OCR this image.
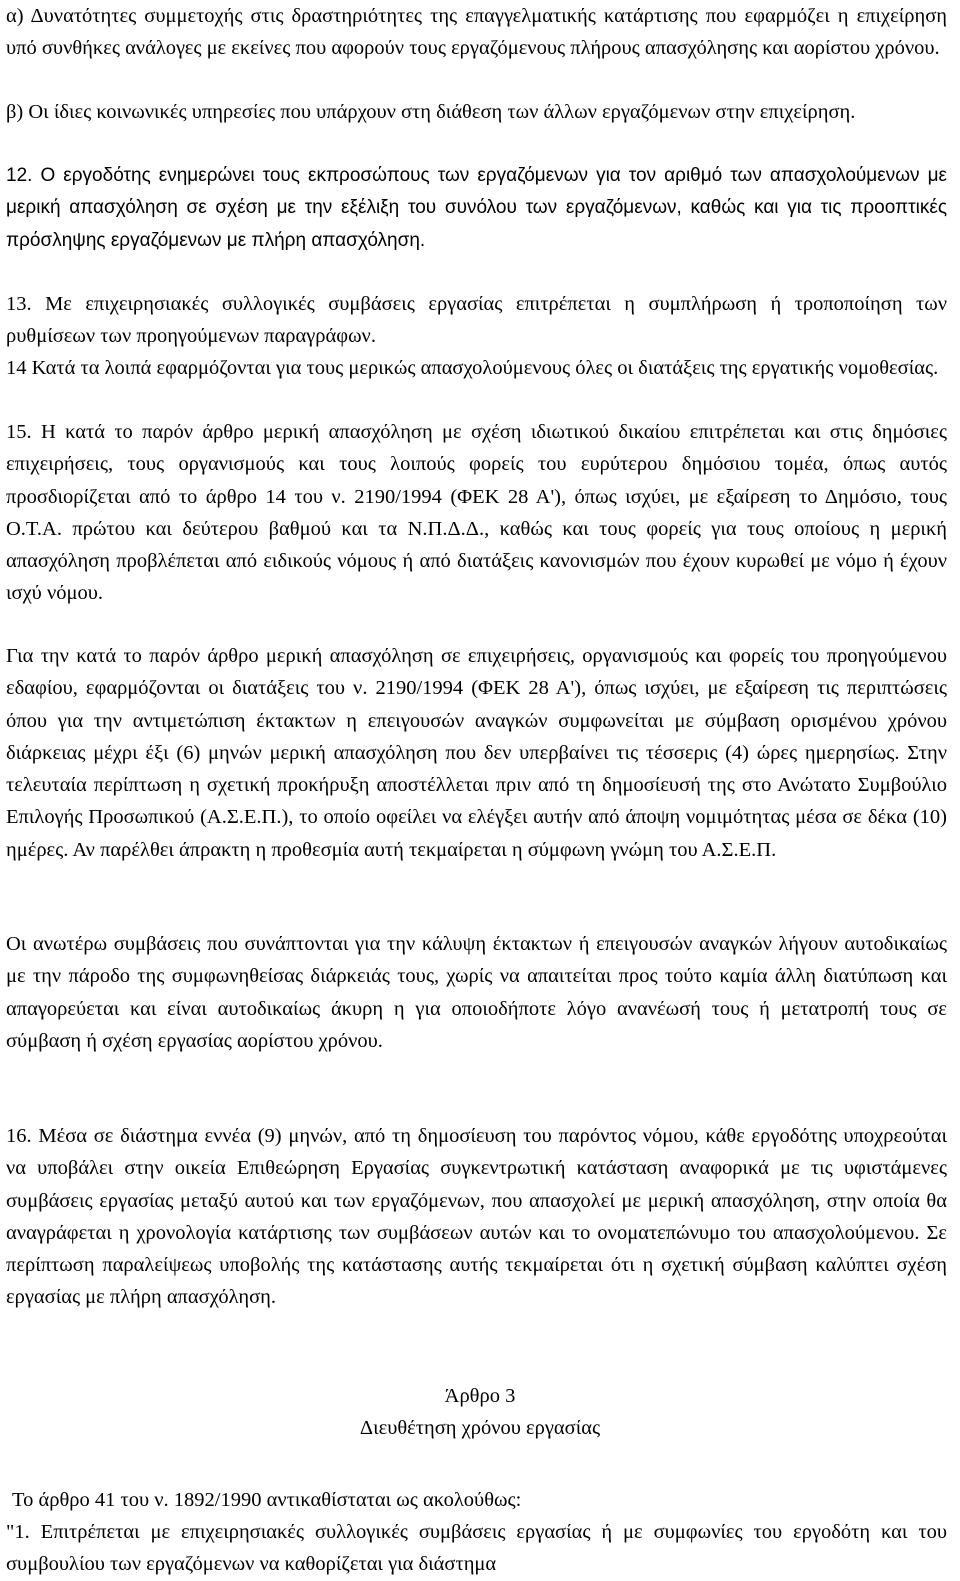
α) Δυνατότητες συμμετοχής στις δραστηριότητες της επαγγελματικής κατάρτισης που εφαρμόζει η επιχείρηση υπό συνθήκες ανάλογες με εκείνες που αφορούν τους εργαζόμενους πλήρους απασχόλησης και αορίστου χρόνου.

β) Οι ίδιες κοινωνικές υπηρεσίες που υπάρχουν στη διάθεση των άλλων εργαζόμενων στην επιχείρηση.

12. Ο εργοδότης ενημερώνει τους εκπροσώπους των εργαζόμενων για τον αριθμό των απασχολούμενων με μερική απασχόληση σε σχέση με την εξέλιξη του συνόλου των εργαζόμενων, καθώς και για τις προοπτικές πρόσληψης εργαζόμενων με πλήρη απασχόληση.

13. Με επιχειρησιακές συλλογικές συμβάσεις εργασίας επιτρέπεται η συμπλήρωση ή τροποποίηση των ρυθμίσεων των προηγούμενων παραγράφων.

14 Κατά τα λοιπά εφαρμόζονται για τους μερικώς απασχολούμενους όλες οι διατάξεις της εργατικής νομοθεσίας.

15. Η κατά το παρόν άρθρο μερική απασχόληση με σχέση ιδιωτικού δικαίου επιτρέπεται και στις δημόσιες επιχειρήσεις, τους οργανισμούς και τους λοιπούς φορείς του ευρύτερου δημόσιου τομέα, όπως αυτός προσδιορίζεται από το άρθρο 14 του ν. 2190/1994 (ΦΕΚ 28 Α'), όπως ισχύει, με εξαίρεση το Δημόσιο, τους Ο.Τ.Α. πρώτου και δεύτερου βαθμού και τα Ν.Π.Δ.Δ., καθώς και τους φορείς για τους οποίους η μερική απασχόληση προβλέπεται από ειδικούς νόμους ή από διατάξεις κανονισμών που έχουν κυρωθεί με νόμο ή έχουν ισχύ νόμου.

Για την κατά το παρόν άρθρο μερική απασχόληση σε επιχειρήσεις, οργανισμούς και φορείς του προηγούμενου εδαφίου, εφαρμόζονται οι διατάξεις του ν. 2190/1994 (ΦΕΚ 28 Α'), όπως ισχύει, με εξαίρεση τις περιπτώσεις όπου για την αντιμετώπιση έκτακτων η επειγουσών αναγκών συμφωνείται με σύμβαση ορισμένου χρόνου διάρκειας μέχρι έξι (6) μηνών μερική απασχόληση που δεν υπερβαίνει τις τέσσερις (4) ώρες ημερησίως. Στην τελευταία περίπτωση η σχετική προκήρυξη αποστέλλεται πριν από τη δημοσίευσή της στο Ανώτατο Συμβούλιο Επιλογής Προσωπικού (Α.Σ.Ε.Π.), το οποίο οφείλει να ελέγξει αυτήν από άποψη νομιμότητας μέσα σε δέκα (10) ημέρες. Αν παρέλθει άπρακτη η προθεσμία αυτή τεκμαίρεται η σύμφωνη γνώμη του Α.Σ.Ε.Π.

Οι ανωτέρω συμβάσεις που συνάπτονται για την κάλυψη έκτακτων ή επειγουσών αναγκών λήγουν αυτοδικαίως με την πάροδο της συμφωνηθείσας διάρκειάς τους, χωρίς να απαιτείται προς τούτο καμία άλλη διατύπωση και απαγορεύεται και είναι αυτοδικαίως άκυρη η για οποιοδήποτε λόγο ανανέωσή τους ή μετατροπή τους σε σύμβαση ή σχέση εργασίας αορίστου χρόνου.

16. Μέσα σε διάστημα εννέα (9) μηνών, από τη δημοσίευση του παρόντος νόμου, κάθε εργοδότης υποχρεούται να υποβάλει στην οικεία Επιθεώρηση Εργασίας συγκεντρωτική κατάσταση αναφορικά με τις υφιστάμενες συμβάσεις εργασίας μεταξύ αυτού και των εργαζόμενων, που απασχολεί με μερική απασχόληση, στην οποία θα αναγράφεται η χρονολογία κατάρτισης των συμβάσεων αυτών και το ονοματεπώνυμο του απασχολούμενου. Σε περίπτωση παραλείψεως υποβολής της κατάστασης αυτής τεκμαίρεται ότι η σχετική σύμβαση καλύπτει σχέση εργασίας με πλήρη απασχόληση.

Άρθρο 3

Διευθέτηση χρόνου εργασίας

Το άρθρο 41 του ν. 1892/1990 αντικαθίσταται ως ακολούθως:

"1. Επιτρέπεται με επιχειρησιακές συλλογικές συμβάσεις εργασίας ή με συμφωνίες του εργοδότη και του συμβουλίου των εργαζόμενων να καθορίζεται για διάστημα
